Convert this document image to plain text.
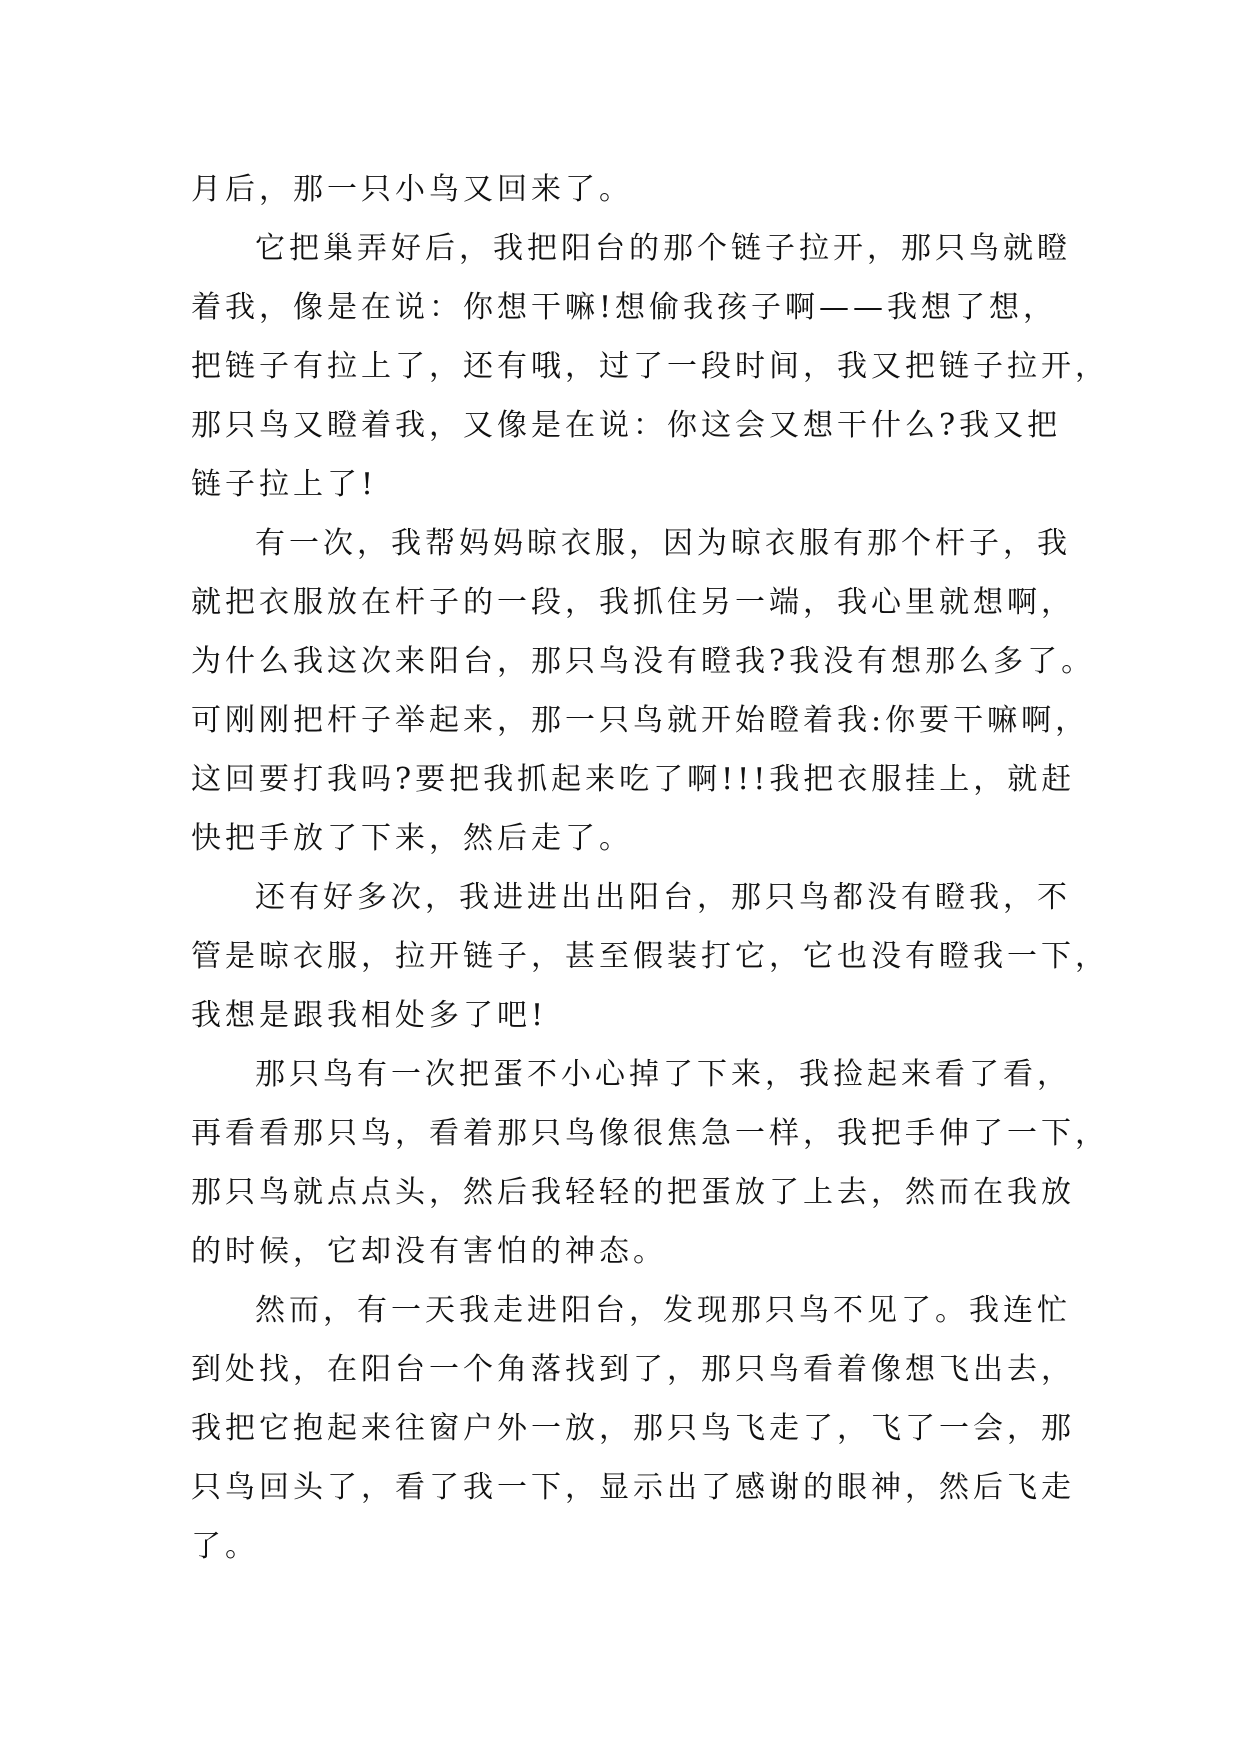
月后，那一只小鸟又回来了。
它把巢弄好后，我把阳台的那个链子拉开，那只鸟就瞪
着我，像是在说：你想干嘛!想偷我孩子啊——我想了想，
把链子有拉上了，还有哦，过了一段时间，我又把链子拉开，
那只鸟又瞪着我，又像是在说：你这会又想干什么?我又把
链子拉上了!
有一次，我帮妈妈晾衣服，因为晾衣服有那个杆子，我
就把衣服放在杆子的一段，我抓住另一端，我心里就想啊，
为什么我这次来阳台，那只鸟没有瞪我?我没有想那么多了。
可刚刚把杆子举起来，那一只鸟就开始瞪着我:你要干嘛啊，
这回要打我吗?要把我抓起来吃了啊!!!我把衣服挂上，就赶
快把手放了下来，然后走了。
还有好多次，我进进出出阳台，那只鸟都没有瞪我，不
管是晾衣服，拉开链子，甚至假装打它，它也没有瞪我一下，
我想是跟我相处多了吧!
那只鸟有一次把蛋不小心掉了下来，我捡起来看了看，
再看看那只鸟，看着那只鸟像很焦急一样，我把手伸了一下，
那只鸟就点点头，然后我轻轻的把蛋放了上去，然而在我放
的时候，它却没有害怕的神态。
然而，有一天我走进阳台，发现那只鸟不见了。我连忙
到处找，在阳台一个角落找到了，那只鸟看着像想飞出去，
我把它抱起来往窗户外一放，那只鸟飞走了，飞了一会，那
只鸟回头了，看了我一下，显示出了感谢的眼神，然后飞走
了。
